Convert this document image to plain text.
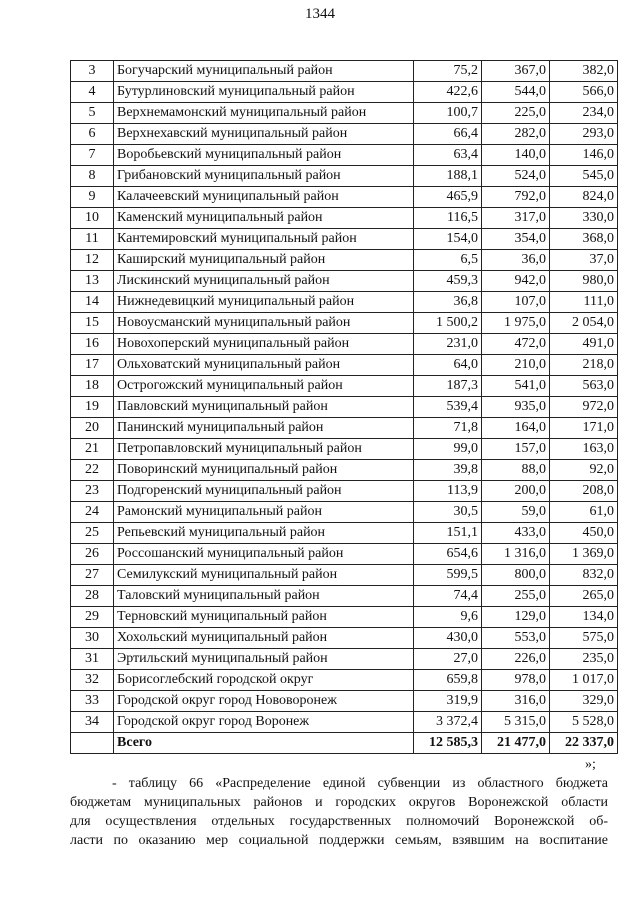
1344
3	Богучарский муниципальный район	75,2	367,0	382,0
4	Бутурлиновский муниципальный район	422,6	544,0	566,0
5	Верхнемамонский муниципальный район	100,7	225,0	234,0
6	Верхнехавский муниципальный район	66,4	282,0	293,0
7	Воробьевский муниципальный район	63,4	140,0	146,0
8	Грибановский муниципальный район	188,1	524,0	545,0
9	Калачеевский муниципальный район	465,9	792,0	824,0
10	Каменский муниципальный район	116,5	317,0	330,0
11	Кантемировский муниципальный район	154,0	354,0	368,0
12	Каширский муниципальный район	6,5	36,0	37,0
13	Лискинский муниципальный район	459,3	942,0	980,0
14	Нижнедевицкий муниципальный район	36,8	107,0	111,0
15	Новоусманский муниципальный район	1 500,2	1 975,0	2 054,0
16	Новохоперский муниципальный район	231,0	472,0	491,0
17	Ольховатский муниципальный район	64,0	210,0	218,0
18	Острогожский муниципальный район	187,3	541,0	563,0
19	Павловский муниципальный район	539,4	935,0	972,0
20	Панинский муниципальный район	71,8	164,0	171,0
21	Петропавловский муниципальный район	99,0	157,0	163,0
22	Поворинский муниципальный район	39,8	88,0	92,0
23	Подгоренский муниципальный район	113,9	200,0	208,0
24	Рамонский муниципальный район	30,5	59,0	61,0
25	Репьевский муниципальный район	151,1	433,0	450,0
26	Россошанский муниципальный район	654,6	1 316,0	1 369,0
27	Семилукский муниципальный район	599,5	800,0	832,0
28	Таловский муниципальный район	74,4	255,0	265,0
29	Терновский муниципальный район	9,6	129,0	134,0
30	Хохольский муниципальный район	430,0	553,0	575,0
31	Эртильский муниципальный район	27,0	226,0	235,0
32	Борисоглебский городской округ	659,8	978,0	1 017,0
33	Городской округ город Нововоронеж	319,9	316,0	329,0
34	Городской округ город Воронеж	3 372,4	5 315,0	5 528,0
	Всего	12 585,3	21 477,0	22 337,0
»;
- таблицу 66 «Распределение единой субвенции из областного бюджета
бюджетам муниципальных районов и городских округов Воронежской области
для осуществления отдельных государственных полномочий Воронежской об-
ласти по оказанию мер социальной поддержки семьям, взявшим на воспитание
